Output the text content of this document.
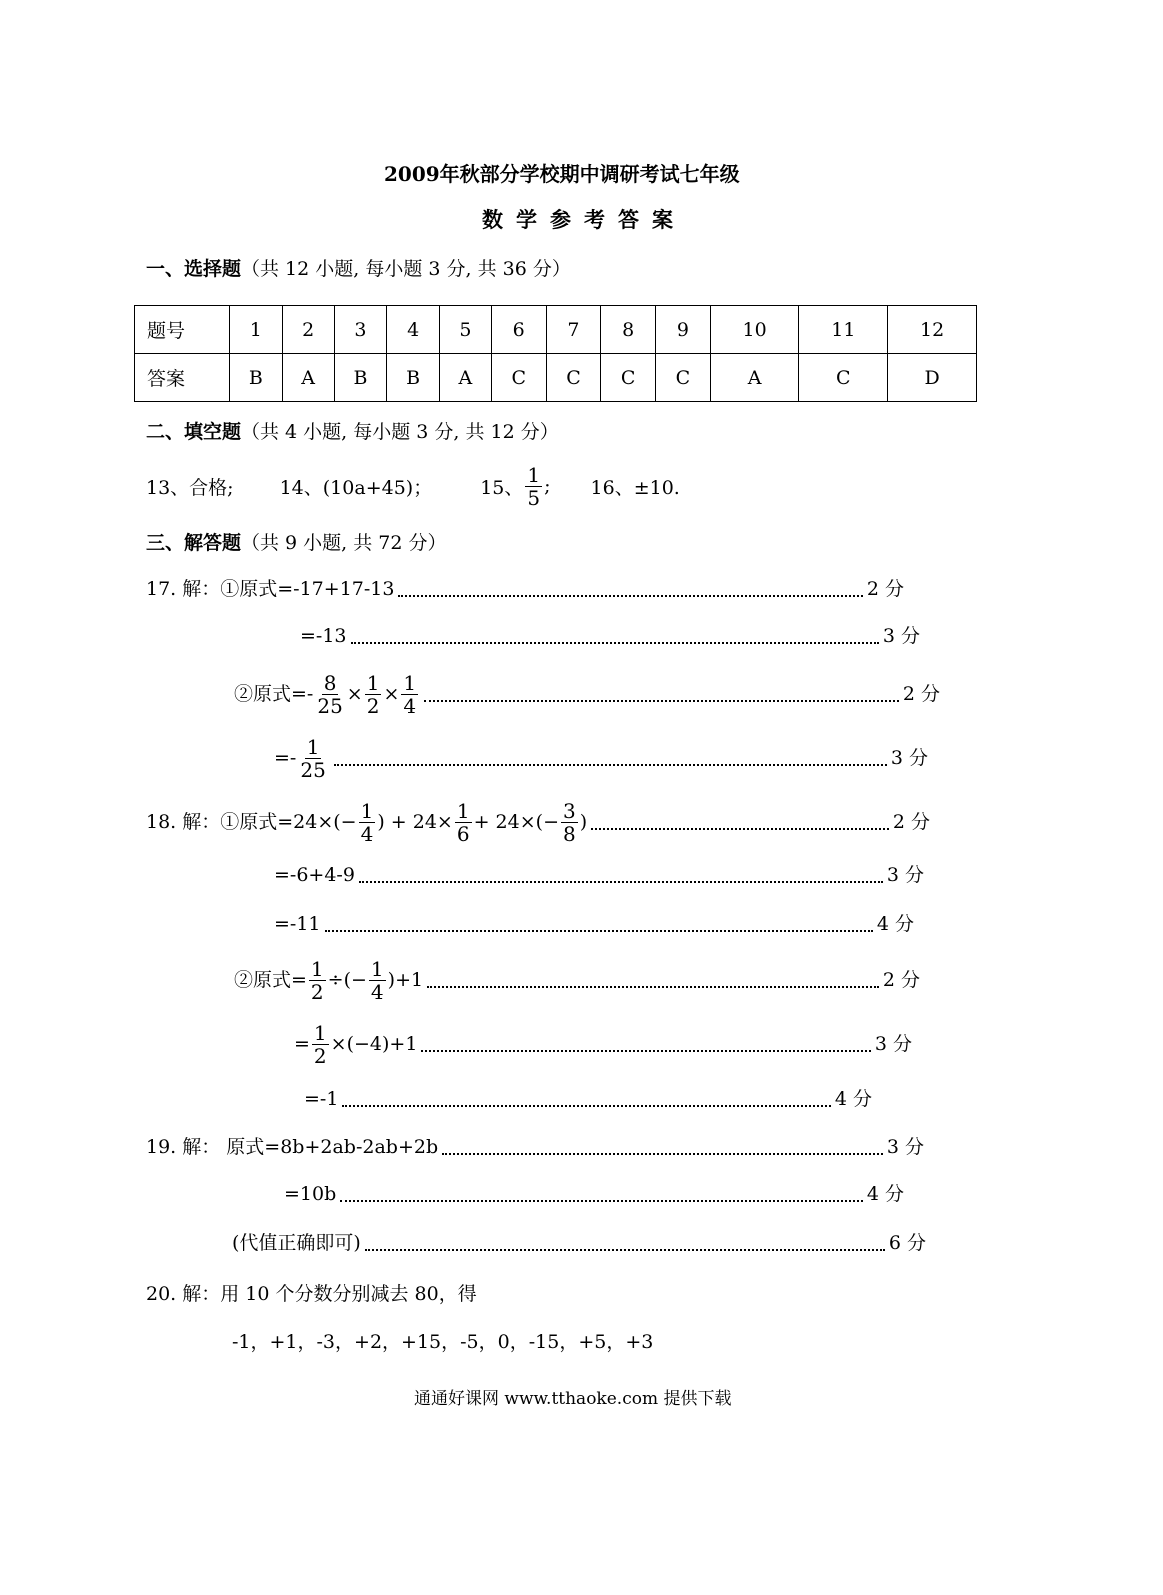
2009年秋部分学校期中调研考试七年级
数学参考答案
一、选择题（共 12 小题, 每小题 3 分, 共 36 分）
题号	1	2	3	4	5	6	7	8	9	10	11	12
答案	B	A	B	B	A	C	C	C	C	A	C	D
二、填空题（共 4 小题, 每小题 3 分, 共 12 分）
13、合格; 14、(10a+45)；	15、 $\frac{1}{5}$ ; 16、±10.
三、解答题（共 9 小题, 共 72 分）
17. 解：①原式=-17+17-13	2 分
=-13	3 分
②原式=- $\frac{8}{25} \times \frac{1}{2} \times \frac{1}{4}$	2 分
=- $\frac{1}{25}$	3 分
18. 解：①原式$=24\times(- \frac{1}{4}$ ) + $24\times \frac{1}{6} + 24\times(- \frac{3}{8}$ )	2 分
=-6+4-9	3 分
=-11	4 分
②原式= $\frac{1}{2}$ ÷(− $\frac{1}{4} )+1$	2 分
= $\frac{1}{2} \times(-4)+1$	3 分
=-1	4 分
19. 解： 原式=8b+2ab-2ab+2b	3 分
=10b	4 分
(代值正确即可)	6 分
20. 解：用 10 个分数分别减去 80，得
-1，+1，-3，+2，+15，-5，0，-15，+5，+3
通通好课网 www.tthaoke.com 提供下载
